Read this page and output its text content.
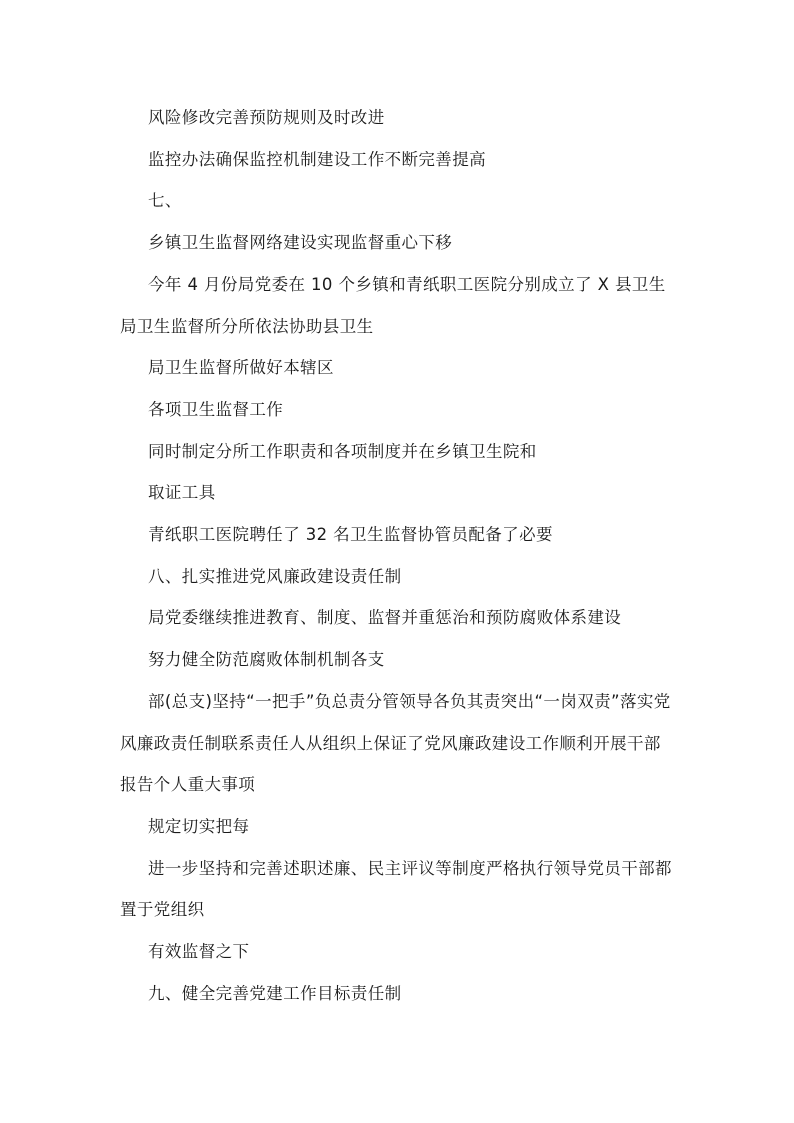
风险修改完善预防规则及时改进

监控办法确保监控机制建设工作不断完善提高

七、

乡镇卫生监督网络建设实现监督重心下移

今年 4 月份局党委在 10 个乡镇和青纸职工医院分别成立了 X 县卫生局卫生监督所分所依法协助县卫生

局卫生监督所做好本辖区

各项卫生监督工作

同时制定分所工作职责和各项制度并在乡镇卫生院和

取证工具

青纸职工医院聘任了 32 名卫生监督协管员配备了必要

八、扎实推进党风廉政建设责任制

局党委继续推进教育、制度、监督并重惩治和预防腐败体系建设

努力健全防范腐败体制机制各支

部(总支)坚持“一把手”负总责分管领导各负其责突出“一岗双责”落实党风廉政责任制联系责任人从组织上保证了党风廉政建设工作顺利开展干部报告个人重大事项

规定切实把每

进一步坚持和完善述职述廉、民主评议等制度严格执行领导党员干部都置于党组织

有效监督之下

九、健全完善党建工作目标责任制
